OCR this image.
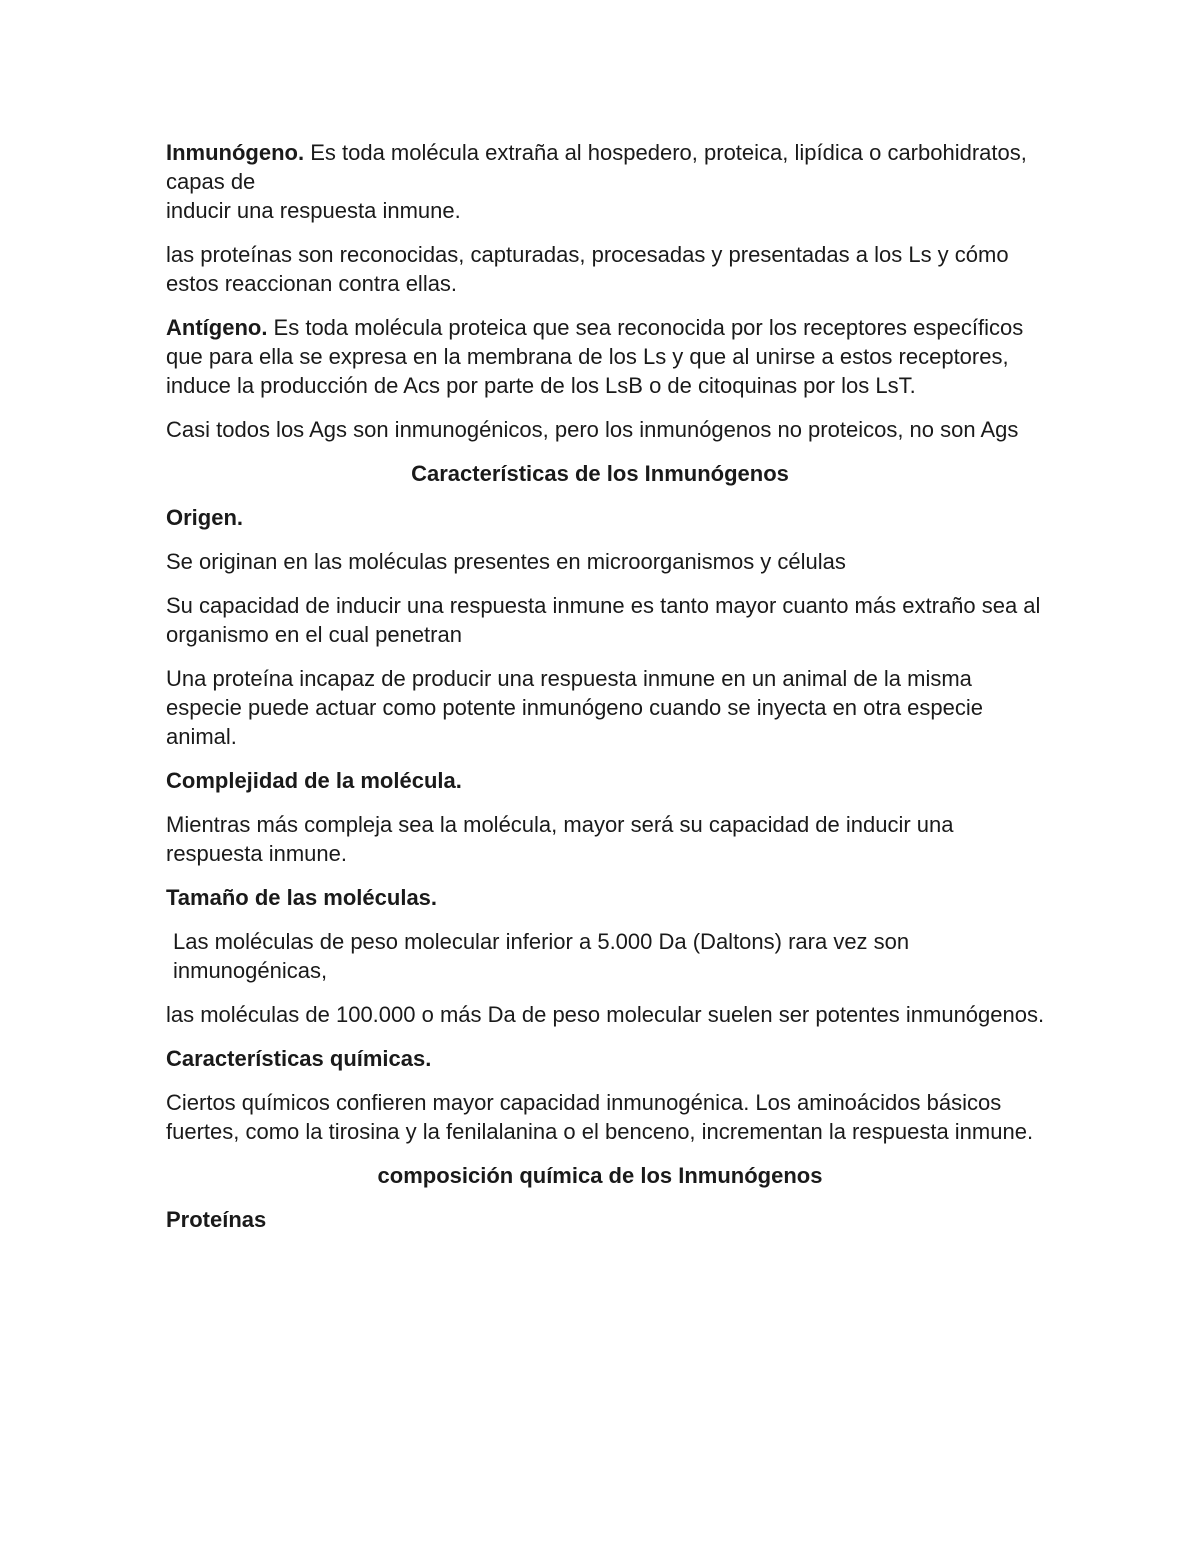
Inmunógeno. Es toda molécula extraña al hospedero, proteica, lipídica o carbohidratos, capas de

inducir una respuesta inmune.

las proteínas son reconocidas, capturadas, procesadas y presentadas a los Ls y cómo estos reaccionan contra ellas.

Antígeno. Es toda molécula proteica que sea reconocida por los receptores específicos que para ella se expresa en la membrana de los Ls y que al unirse a estos receptores, induce la producción de Acs por parte de los LsB o de citoquinas por los LsT.

Casi todos los Ags son inmunogénicos, pero los inmunógenos no proteicos, no son Ags

Características de los Inmunógenos

Origen.

Se originan en las moléculas presentes en microorganismos y células

Su capacidad de inducir una respuesta inmune es tanto mayor cuanto más extraño sea al organismo en el cual penetran

Una proteína incapaz de producir una respuesta inmune en un animal de la misma especie puede actuar como potente inmunógeno cuando se inyecta en otra especie animal.

Complejidad de la molécula.

Mientras más compleja sea la molécula, mayor será su capacidad de inducir una respuesta inmune.

Tamaño de las moléculas.

Las moléculas de peso molecular inferior a 5.000 Da (Daltons) rara vez son inmunogénicas,

las moléculas de 100.000 o más Da de peso molecular suelen ser potentes inmunógenos.

Características químicas.

Ciertos químicos confieren mayor capacidad inmunogénica. Los aminoácidos básicos fuertes, como la tirosina y la fenilalanina o el benceno, incrementan la respuesta inmune.

composición química de los Inmunógenos

Proteínas
